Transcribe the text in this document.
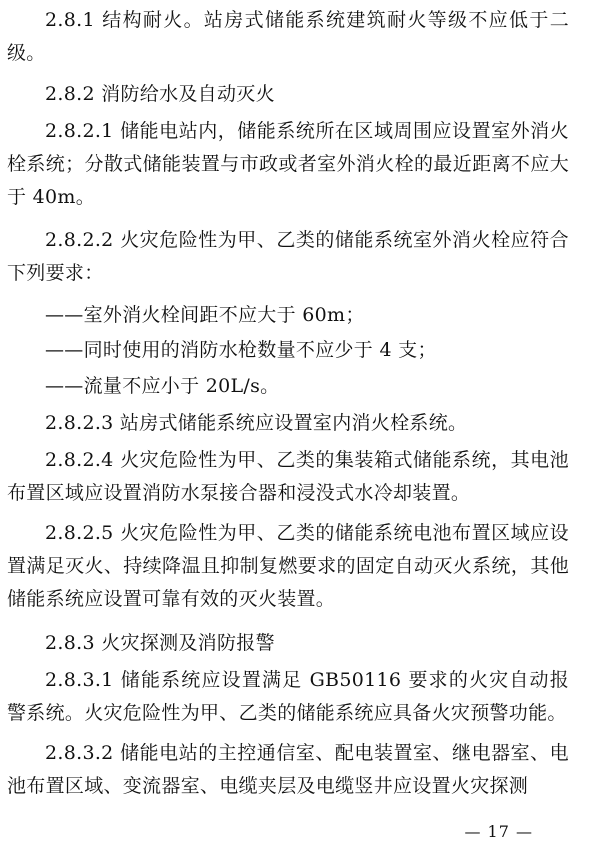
2.8.1 结构耐火。站房式储能系统建筑耐火等级不应低于二级。

2.8.2 消防给水及自动灭火

2.8.2.1 储能电站内，储能系统所在区域周围应设置室外消火栓系统；分散式储能装置与市政或者室外消火栓的最近距离不应大于 40m。

2.8.2.2 火灾危险性为甲、乙类的储能系统室外消火栓应符合下列要求：

——室外消火栓间距不应大于 60m；

——同时使用的消防水枪数量不应少于 4 支；

——流量不应小于 20L/s。

2.8.2.3 站房式储能系统应设置室内消火栓系统。

2.8.2.4 火灾危险性为甲、乙类的集装箱式储能系统，其电池布置区域应设置消防水泵接合器和浸没式水冷却装置。

2.8.2.5 火灾危险性为甲、乙类的储能系统电池布置区域应设置满足灭火、持续降温且抑制复燃要求的固定自动灭火系统，其他储能系统应设置可靠有效的灭火装置。

2.8.3 火灾探测及消防报警

2.8.3.1 储能系统应设置满足 GB50116 要求的火灾自动报警系统。火灾危险性为甲、乙类的储能系统应具备火灾预警功能。

2.8.3.2 储能电站的主控通信室、配电装置室、继电器室、电池布置区域、变流器室、电缆夹层及电缆竖井应设置火灾探测

— 17 —
